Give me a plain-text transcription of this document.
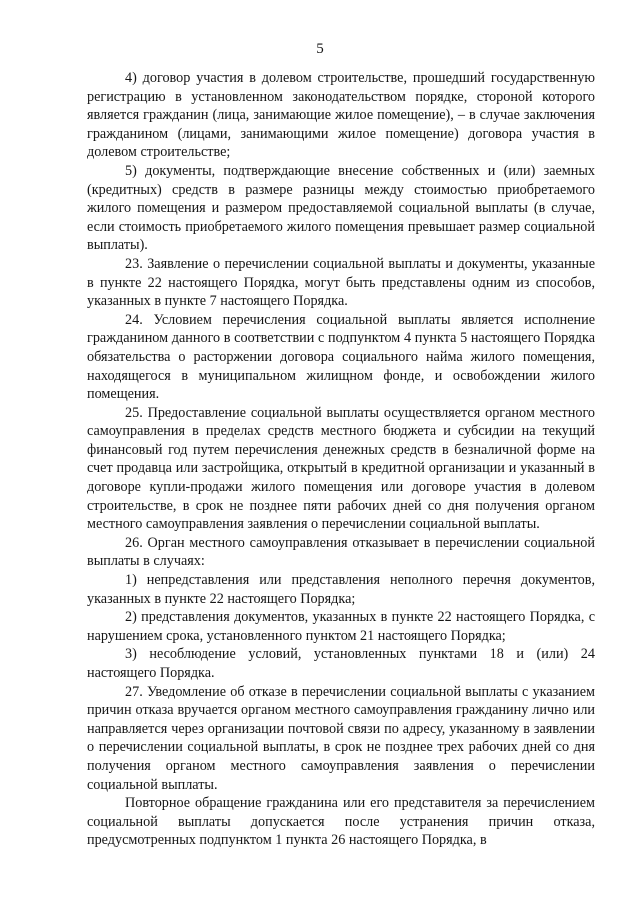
5

4) договор участия в долевом строительстве, прошедший государственную регистрацию в установленном законодательством порядке, стороной которого является гражданин (лица, занимающие жилое помещение), – в случае заключения гражданином (лицами, занимающими жилое помещение) договора участия в долевом строительстве;

5) документы, подтверждающие внесение собственных и (или) заемных (кредитных) средств в размере разницы между стоимостью приобретаемого жилого помещения и размером предоставляемой социальной выплаты (в случае, если стоимость приобретаемого жилого помещения превышает размер социальной выплаты).

23. Заявление о перечислении социальной выплаты и документы, указанные в пункте 22 настоящего Порядка, могут быть представлены одним из способов, указанных в пункте 7 настоящего Порядка.

24. Условием перечисления социальной выплаты является исполнение гражданином данного в соответствии с подпунктом 4 пункта 5 настоящего Порядка обязательства о расторжении договора социального найма жилого помещения, находящегося в муниципальном жилищном фонде, и освобождении жилого помещения.

25. Предоставление социальной выплаты осуществляется органом местного самоуправления в пределах средств местного бюджета и субсидии на текущий финансовый год путем перечисления денежных средств в безналичной форме на счет продавца или застройщика, открытый в кредитной организации и указанный в договоре купли-продажи жилого помещения или договоре участия в долевом строительстве, в срок не позднее пяти рабочих дней со дня получения органом местного самоуправления заявления о перечислении социальной выплаты.

26. Орган местного самоуправления отказывает в перечислении социальной выплаты в случаях:

1) непредставления или представления неполного перечня документов, указанных в пункте 22 настоящего Порядка;

2) представления документов, указанных в пункте 22 настоящего Порядка, с нарушением срока, установленного пунктом 21 настоящего Порядка;

3) несоблюдение условий, установленных пунктами 18 и (или) 24 настоящего Порядка.

27. Уведомление об отказе в перечислении социальной выплаты с указанием причин отказа вручается органом местного самоуправления гражданину лично или направляется через организации почтовой связи по адресу, указанному в заявлении о перечислении социальной выплаты, в срок не позднее трех рабочих дней со дня получения органом местного самоуправления заявления о перечислении социальной выплаты.

Повторное обращение гражданина или его представителя за перечислением социальной выплаты допускается после устранения причин отказа, предусмотренных подпунктом 1 пункта 26 настоящего Порядка, в
